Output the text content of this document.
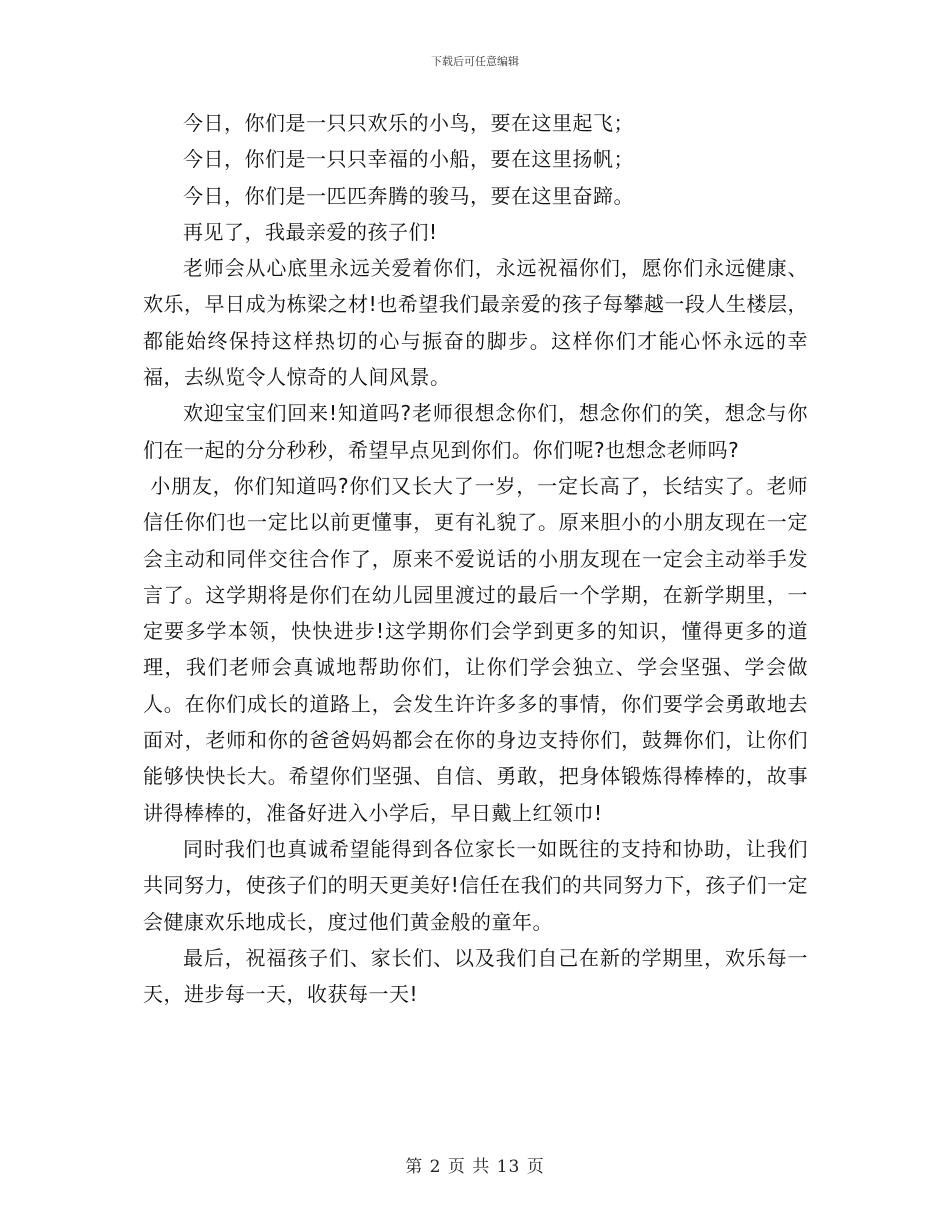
下载后可任意编辑

今日，你们是一只只欢乐的小鸟，要在这里起飞；

今日，你们是一只只幸福的小船，要在这里扬帆；

今日，你们是一匹匹奔腾的骏马，要在这里奋蹄。

再见了，我最亲爱的孩子们!

老师会从心底里永远关爱着你们，永远祝福你们，愿你们永远健康、欢乐，早日成为栋梁之材!也希望我们最亲爱的孩子每攀越一段人生楼层，都能始终保持这样热切的心与振奋的脚步。这样你们才能心怀永远的幸福，去纵览令人惊奇的人间风景。

欢迎宝宝们回来!知道吗?老师很想念你们，想念你们的笑，想念与你们在一起的分分秒秒，希望早点见到你们。你们呢?也想念老师吗?

小朋友，你们知道吗?你们又长大了一岁，一定长高了，长结实了。老师信任你们也一定比以前更懂事，更有礼貌了。原来胆小的小朋友现在一定会主动和同伴交往合作了，原来不爱说话的小朋友现在一定会主动举手发言了。这学期将是你们在幼儿园里渡过的最后一个学期，在新学期里，一定要多学本领，快快进步!这学期你们会学到更多的知识，懂得更多的道理，我们老师会真诚地帮助你们，让你们学会独立、学会坚强、学会做人。在你们成长的道路上，会发生许许多多的事情，你们要学会勇敢地去面对，老师和你的爸爸妈妈都会在你的身边支持你们，鼓舞你们，让你们能够快快长大。希望你们坚强、自信、勇敢，把身体锻炼得棒棒的，故事讲得棒棒的，准备好进入小学后，早日戴上红领巾!

同时我们也真诚希望能得到各位家长一如既往的支持和协助，让我们共同努力，使孩子们的明天更美好!信任在我们的共同努力下，孩子们一定会健康欢乐地成长，度过他们黄金般的童年。

最后，祝福孩子们、家长们、以及我们自己在新的学期里，欢乐每一天，进步每一天，收获每一天!

第 2 页 共 13 页
